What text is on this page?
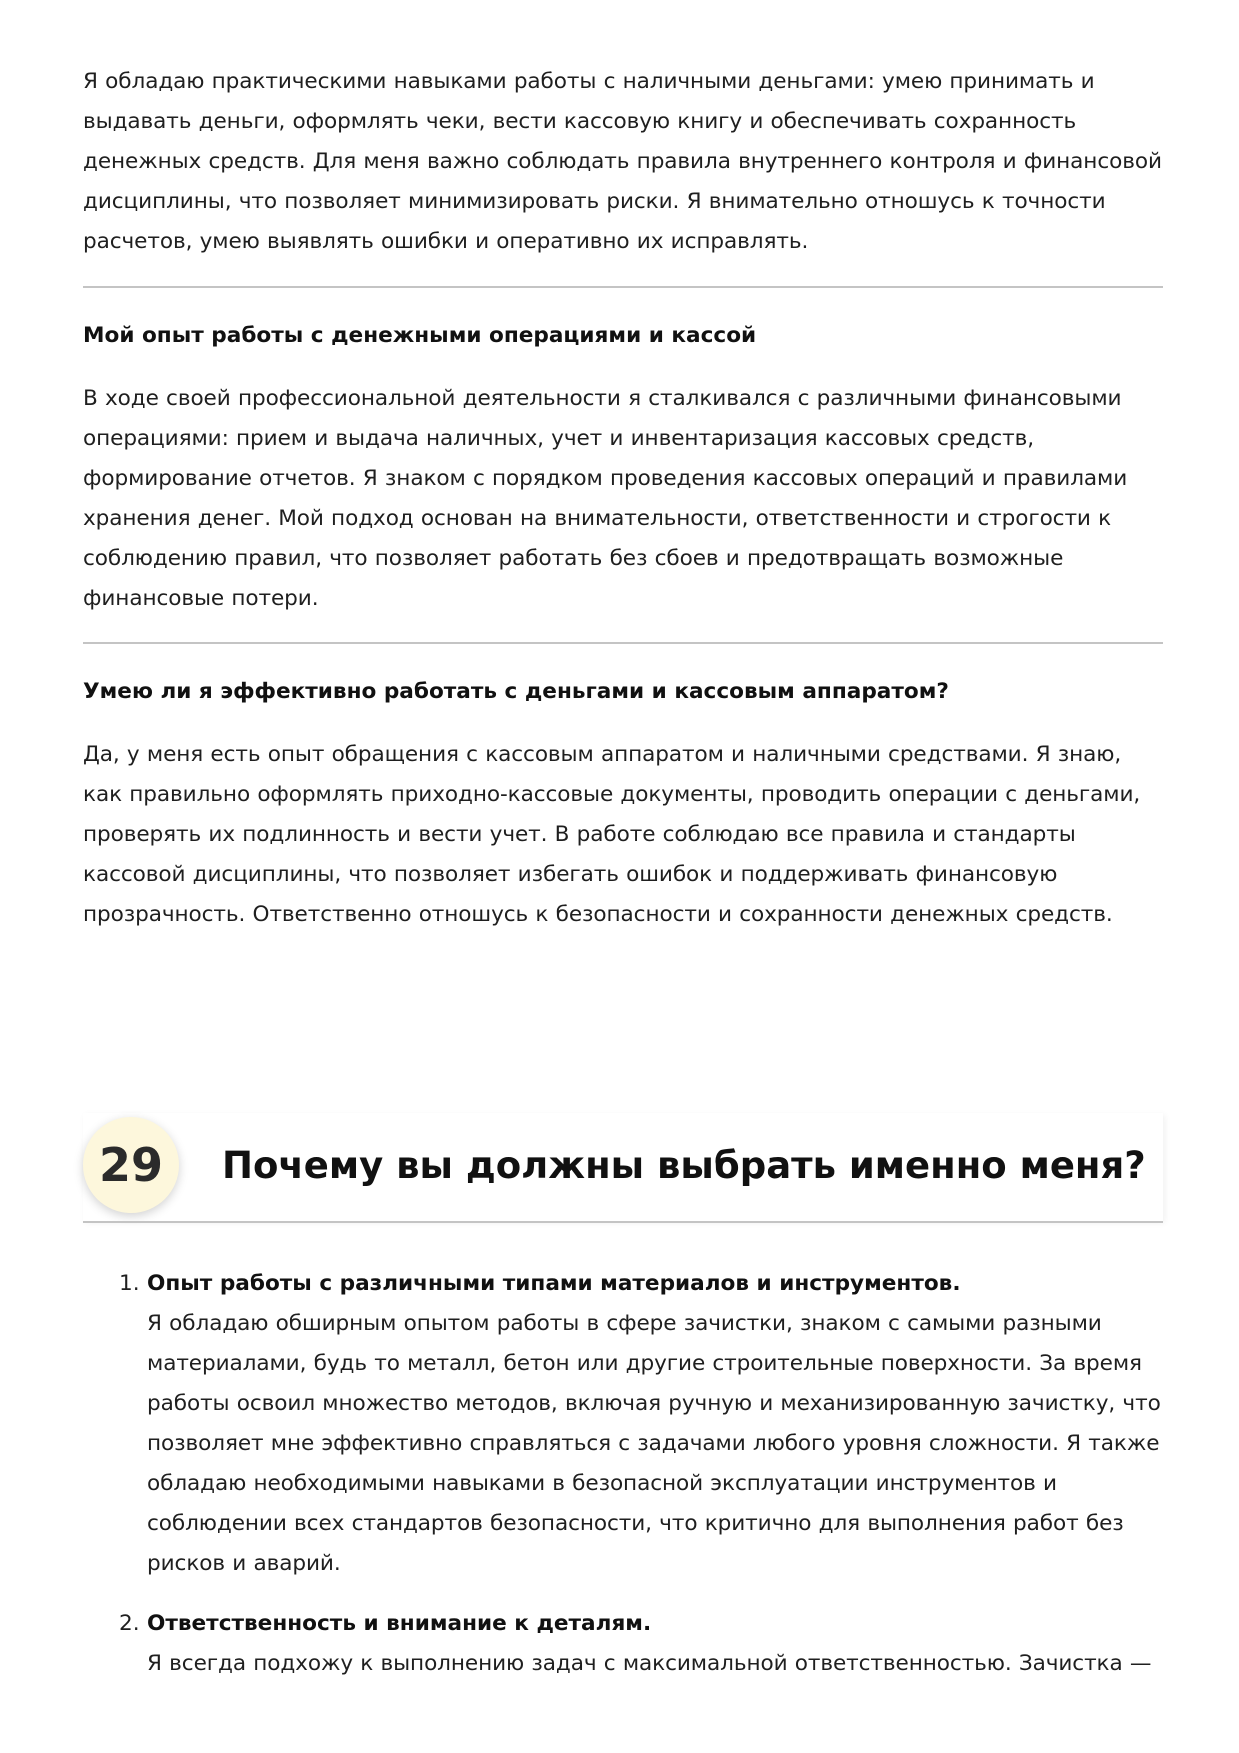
Я обладаю практическими навыками работы с наличными деньгами: умею принимать и выдавать деньги, оформлять чеки, вести кассовую книгу и обеспечивать сохранность денежных средств. Для меня важно соблюдать правила внутреннего контроля и финансовой дисциплины, что позволяет минимизировать риски. Я внимательно отношусь к точности расчетов, умею выявлять ошибки и оперативно их исправлять.

Мой опыт работы с денежными операциями и кассой

В ходе своей профессиональной деятельности я сталкивался с различными финансовыми операциями: прием и выдача наличных, учет и инвентаризация кассовых средств, формирование отчетов. Я знаком с порядком проведения кассовых операций и правилами хранения денег. Мой подход основан на внимательности, ответственности и строгости к соблюдению правил, что позволяет работать без сбоев и предотвращать возможные финансовые потери.

Умею ли я эффективно работать с деньгами и кассовым аппаратом?

Да, у меня есть опыт обращения с кассовым аппаратом и наличными средствами. Я знаю, как правильно оформлять приходно-кассовые документы, проводить операции с деньгами, проверять их подлинность и вести учет. В работе соблюдаю все правила и стандарты кассовой дисциплины, что позволяет избегать ошибок и поддерживать финансовую прозрачность. Ответственно отношусь к безопасности и сохранности денежных средств.

29	Почему вы должны выбрать именно меня?
1. Опыт работы с различными типами материалов и инструментов.

Я обладаю обширным опытом работы в сфере зачистки, знаком с самыми разными материалами, будь то металл, бетон или другие строительные поверхности. За время работы освоил множество методов, включая ручную и механизированную зачистку, что позволяет мне эффективно справляться с задачами любого уровня сложности. Я также обладаю необходимыми навыками в безопасной эксплуатации инструментов и соблюдении всех стандартов безопасности, что критично для выполнения работ без рисков и аварий.

2. Ответственность и внимание к деталям.

Я всегда подхожу к выполнению задач с максимальной ответственностью. Зачистка —
